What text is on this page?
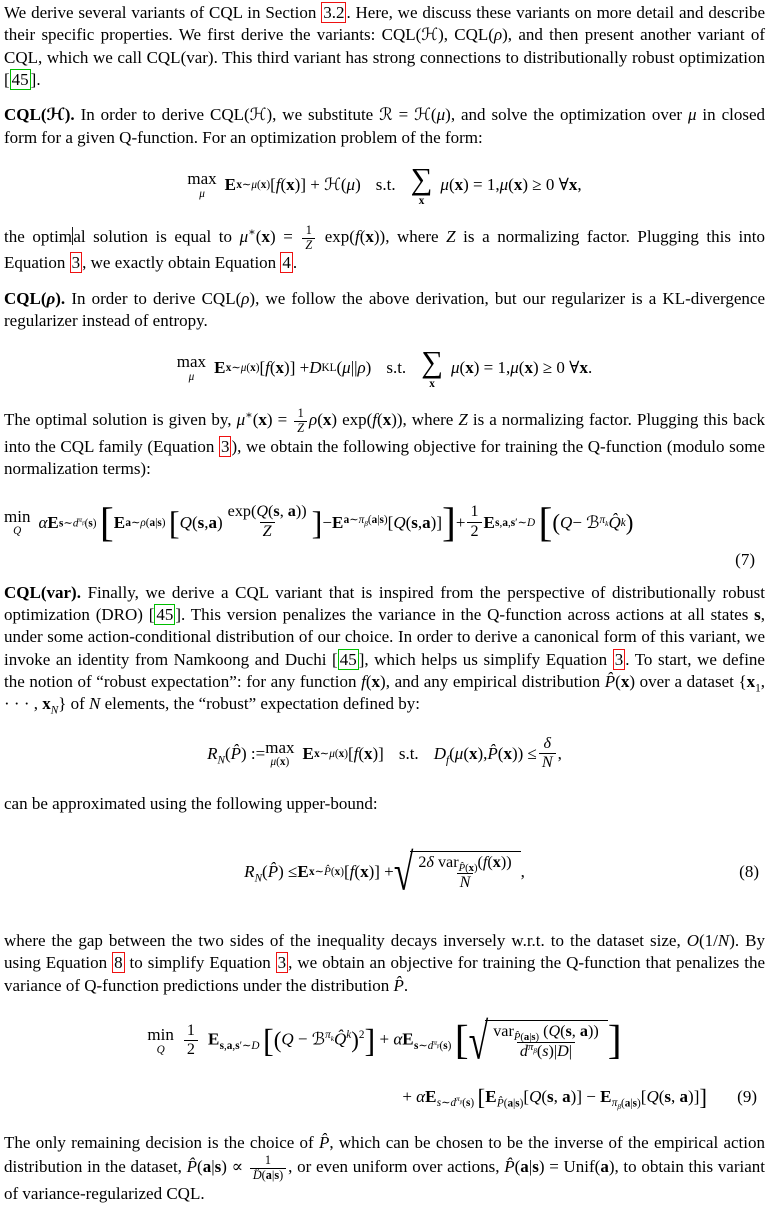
We derive several variants of CQL in Section 3.2 . Here, we discuss these variants on more detail and describe their specific properties. We first derive the variants: CQL(ℋ), CQL(ρ), and then present another variant of CQL, which we call CQL(var). This third variant has strong connections to distributionally robust optimization [ 45 ].

CQL(ℋ). In order to derive CQL(ℋ), we substitute ℛ = ℋ(μ), and solve the optimization over μ in closed form for a given Q-function. For an optimization problem of the form:

max
μ E x∼μ(x) [ f ( x )] + ℋ( μ ) s.t. ∑
x
μ ( x ) = 1, μ ( x ) ≥ 0 ∀ x ,

the optimal solution is equal to $\mu^∗(x) = \frac{1}{Z} \exp(f(x))$, where Z is a normalizing factor. Plugging this into Equation 3 , we exactly obtain Equation 4 .

CQL(ρ). In order to derive CQL(ρ), we follow the above derivation, but our regularizer is a KL-divergence regularizer instead of entropy.

max
μ E x∼μ(x) [ f ( x )] + D KL ( μ || ρ ) s.t. ∑
x
μ ( x ) = 1, μ ( x ) ≥ 0 ∀ x .

The optimal solution is given by, $\mu^∗(x) = \frac{1}{Z} \rho(x)$ exp(f(x)), where Z is a normalizing factor. Plugging this back into the CQL family (Equation 3 ), we obtain the following objective for training the Q-function (modulo some normalization terms):

min
Q α E $s\sim d^{\pi_\beta}(s)$
  [ E a∼ρ(a|s)
  [ Q ( s , a ) $\frac{\exp(Q(s, a))}{Z}$ ] − E $a\sim\pi_\beta(a|s)$ [ Q ( s , a )] ] + $\frac{1}{2}$ E s,a,s′∼D
  [ ( Q − ℬ $\pi_k$ Q̂ k )
(7)

CQL(var). Finally, we derive a CQL variant that is inspired from the perspective of distributionally robust optimization (DRO) [ 45 ]. This version penalizes the variance in the Q-function across actions at all states s, under some action-conditional distribution of our choice. In order to derive a canonical form of this variant, we invoke an identity from Namkoong and Duchi [ 45 ], which helps us simplify Equation 3 . To start, we define the notion of “robust expectation”: for any function f(x), and any empirical distribution P̂(x) over a dataset {$x_1$, · · · , $x_N$} of N elements, the “robust” expectation defined by:

$R_N$ ( P̂ ) := max
μ(x) E x∼μ(x) [ f ( x )] s.t. $D_f$ ( μ ( x ), P̂ ( x )) ≤ $\frac{\delta}{N}$ ,

can be approximated using the following upper-bound:

$R_N$ ( P̂ ) ≤ E x∼P̂(x) [ f ( x )] + √ $\frac{2\delta var_{P̂(x)}(f(x))}{N}$ ,	(8)

where the gap between the two sides of the inequality decays inversely w.r.t. to the dataset size, O(1/N). By using Equation 8 to simplify Equation 3 , we obtain an objective for training the Q-function that penalizes the variance of Q-function predictions under the distribution P̂.

min
Q $\frac{1}{2} E_{s,a,s'\sim D}$  [(Q − ℬ$^{\pi_k}$Q̂$^k$)$^2$] + $\alpha E_{s\sim d^{\pi_\beta}(s)}$ [ √ $\frac{var_{P̂(a|s)} (Q(s, a))}{d^{\pi_\beta}(s)|D|}$ ]
+ $\alpha E_{s\sim d^{\pi_\beta}(s)}$  [$E_{P̂(a|s)}[Q(s$, $a)] - E_{\pi_\beta(a|s)}[Q(s$, a)]] (9)

The only remaining decision is the choice of P̂, which can be chosen to be the inverse of the empirical action distribution in the dataset, P̂(a|s) ∝ $\frac{1}{D̂(a|s)}$ , or even uniform over actions, P̂(a|s) = Unif(a), to obtain this variant of variance-regularized CQL.
